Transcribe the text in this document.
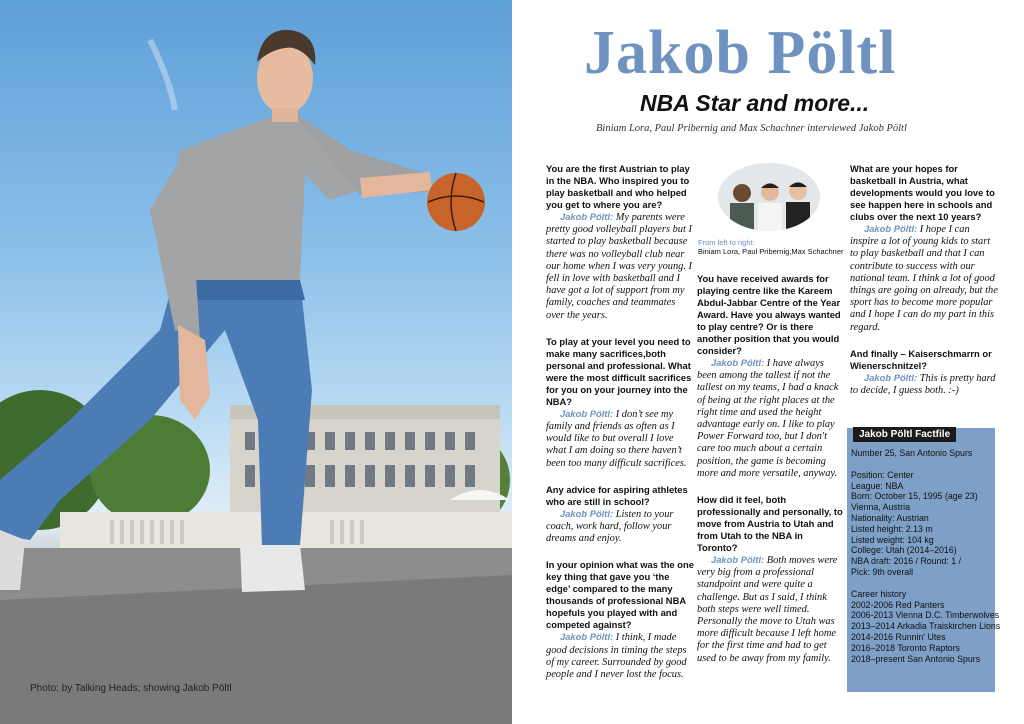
Photo: by Talking Heads; showing Jakob Pöltl
Jakob Pöltl
NBA Star and more...
Biniam Lora, Paul Pribernig and Max Schachner interviewed Jakob Pöltl
You are the first Austrian to play in the NBA. Who inspired you to play basketball and who helped you get to where you are?
Jakob Pöltl: My parents were pretty good volleyball players but I started to play basketball because there was no volleyball club near our home when I was very young. I fell in love with basketball and I have got a lot of support from my family, coaches and teammates over the years.
To play at your level you need to make many sacrifices,both personal and professional. What were the most difficult sacrifices for you on your journey into the NBA?
Jakob Pöltl: I don’t see my family and friends as often as I would like to but overall I love what I am doing so there haven’t been too many difficult sacrifices.
Any advice for aspiring athletes who are still in school?
Jakob Pöltl: Listen to your coach, work hard, follow your dreams and enjoy.
In your opinion what was the one key thing that gave you ‘the edge’ compared to the many thousands of professional NBA hopefuls you played with and competed against?
Jakob Pöltl: I think, I made good decisions in timing the steps of my career. Surrounded by good people and I never lost the focus.
From left to right:
Biniam Lora, Paul Pribernig,Max Schachner
You have received awards for playing centre like the Kareem Abdul-Jabbar Centre of the Year Award. Have you always wanted to play centre? Or is there another position that you would consider?
Jakob Pöltl: I have always been among the tallest if not the tallest on my teams, I had a knack of being at the right places at the right time and used the height advantage early on. I like to play Power Forward too, but I don't care too much about a certain position, the game is becoming more and more versatile, anyway.
How did it feel, both professionally and personally, to move from Austria to Utah and from Utah to the NBA in Toronto?
Jakob Pöltl: Both moves were very big from a professional standpoint and were quite a challenge. But as I said, I think both steps were well timed. Personally the move to Utah was more difficult because I left home for the first time and had to get used to be away from my family.
What are your hopes for basketball in Austria, what developments would you love to see happen here in schools and clubs over the next 10 years?
Jakob Pöltl: I hope I can inspire a lot of young kids to start to play basketball and that I can contribute to success with our national team. I think a lot of good things are going on already, but the sport has to become more popular and I hope I can do my part in this regard.
And finally – Kaiserschmarrn or Wienerschnitzel?
Jakob Pöltl: This is pretty hard to decide, I guess both. :-)
Number 25, San Antonio Spurs
Position: Center
League: NBA
Born: October 15, 1995 (age 23)
Vienna, Austria
Nationality: Austrian
Listed height: 2.13 m
Listed weight: 104 kg
College: Utah (2014–2016)
NBA draft: 2016 / Round: 1 /
Pick: 9th overall
Career history
2002-2006 Red Panters
2006-2013 Vienna D.C. Timberwolves
2013–2014 Arkadia Traiskirchen Lions
2014-2016 Runnin' Utes
2016–2018 Toronto Raptors
2018–present San Antonio Spurs
Jakob Pöltl Factfile
